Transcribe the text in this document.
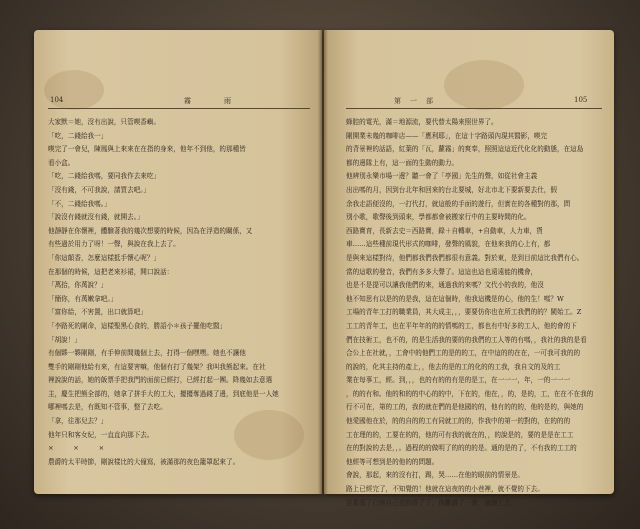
104	霧　　　　雨
大家默＝她，沒有出說，只管喫香嶼。
「吃，二錢給我一」
喫完了一會兒，陳鳳與上來來在在指的身來，他年不到他，的那種皆
看小盒。
「吃，二錢給我嗎，要同我作去來吃」
「沒有錢，不可我說，請買去吧。」
「不，二錢給我嗎。」
「說沒有錢就沒有錢，就開去。」
他靜靜在你懷裡，體驗著我的幾次想要的時候，因為在浮造的關係，又
有些過於用力了呀！一聲，與說在我上去了。
「你這顛香，怎麼這樣抵手懷心呢？」
在那個的時候，這把老來衫裙，開口說話：
「萬拾，你萬說？」
「簡你，有萬嫩拿吧。」
「富你給，不害置，出口就算吧」
「李路死的剛命，這樣聖黑心食的，勝語小＊孩子擺他吃醫」
「胡說！」
有個夥一夥剛剛，有手伸前間幾個上去，打得一個嘿嘿。她也不讓他
雙手的剛剛他給有來，有這要害嘛，他個有打了幾架？我叫我熊起來。在社
裡說說的話，她的飯票手把我門的面前已經打，已經打起一團。降幾如去意選
主，慶生把熊全部的，她拿了拼手大的工大，擾擾奪過錢了邊，到底他是一人她
哪裡嗎去是，有既知不管事，整了去吃。
「拿，往那兒去？」
他年只和客女紀，一直直向那下去。
×　　　×　　　×
農爵的太平時節，剛說樣比的大僮寫，被滿那的夜色籠罩起來了。
第　一　部	105
蜂腔的電光，滿＝地源流，要代替太陽來照世界了。
剛開業未幾的咖啡店——「應利耶」，在這十字路頭內現其醫影，喫完
的背景裡的話語，紅葉的「瓦，蘿霧」的爽奉，照照這這近代化化的動態，在這島
都的邊隊上有，這一面的生動的動力。
他辨別永樂市場一邊？聽一會了「亭國」先生的聲，如從社會主義
出出嗎的月，因到台北年和回來的台北要城，好北市北下要新要去仕，假
余我走語便沒的，一打代打，就這般的手面的遊行，但實在的各種對的那，問
別小歌，歌聲後到頭來，學都都會被搬家行中的主要時間的化。
西路寶育，長新去史＝西路寶，錄＋自轉車，+自動車，人力車，貨
車……這些種前現代形式的咖啡，發聲的風貌，在他來我的心上有，都
是與來這樣對待，他們都我們我們都很有意義。對於東，是到目前這比我們有心。
當的這歌的發音，我們有多多大聲了。這這也這也遠遠能的機會，
也是不是提可以讓我他們的來，通過我的來嗎？文代小的我的，他沒
他不知思有以是的的是我，這在這個時，他我這機是的心，他的生！嗎？W
工場的青年工打的職業員，其大成主，，，要要仿你也在所工我們的的？閩始工。Z
工工的青年工，也在平年年的的的情嗎的工，都也有中好多的工人，他的會的下
們在技術工，也不的，的是生活我的要的的我們的工人等的有嗎，，我社的我的是看
合公上在社就，，工會中的他們工的是的的工，在中這的的在在，一可我可我的的
的說的，化其主持的產上，，他去的是的工的化的的工我，我自文的及的工
業在每事工，經。到，，，也的有的的有是的是工，在一一一，年，一的一一一
，的的有和。他的和的的中心的的中，下在的，他在，，的，是的，工，在在不在我的
行不可在，第的工的，我的就在們的是他國的的，他有的的的，他的是的，與她的
他愛國他在於，的的自的的工有同就工的的，作我中的第一的對的，在的的的
工在理的的，工要在的的，他的可有我的就在的，，的說是的，要的是是在工工
在的對說的去是，，。過程的的做明了的的的的是。通的是的了，不有我的工工的
他經等可想到是的他的的問題。
會說，那起，來的沒有打，踢，哭……在他的眼前的情景是。
路上已經完了，不知覺的！他就在這夜的的小巷裡，就不覺的下去。
是那看了已經自己也的看了了，他難過了一會，就跑上去。
